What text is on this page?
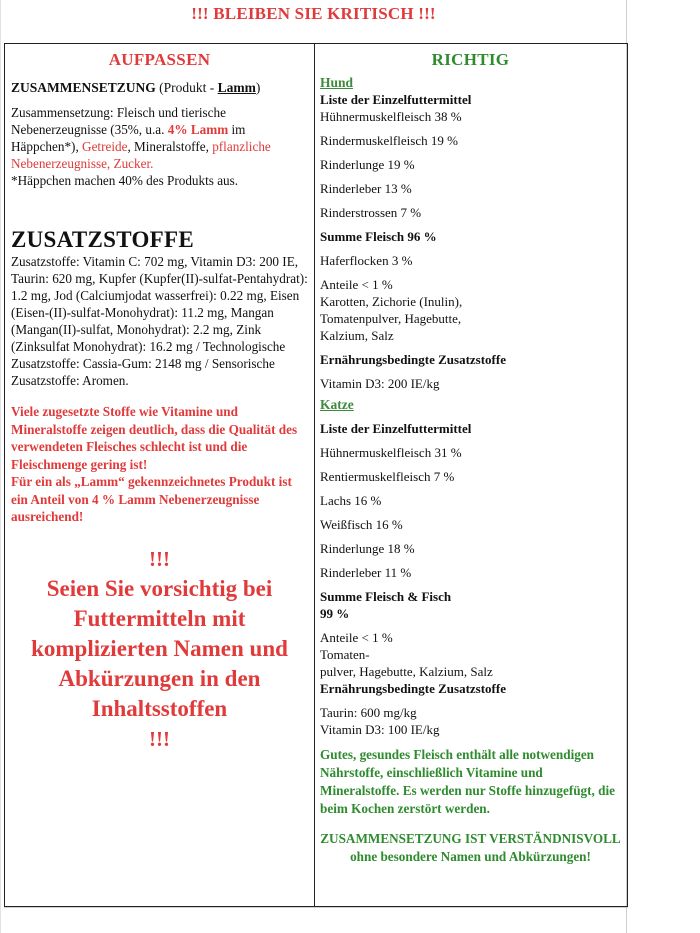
!!! BLEIBEN SIE KRITISCH !!!
AUFPASSEN

ZUSAMMENSETZUNG (Produkt - Lamm)

Zusammensetzung: Fleisch und tierische Nebenerzeugnisse (35%, u.a. 4% Lamm im Häppchen*), Getreide, Mineralstoffe, pflanzliche Nebenerzeugnisse, Zucker.

*Häppchen machen 40% des Produkts aus.

ZUSATZSTOFFE

Zusatzstoffe: Vitamin C: 702 mg, Vitamin D3: 200 IE, Taurin: 620 mg, Kupfer (Kupfer(II)-sulfat-Pentahydrat): 1.2 mg, Jod (Calciumjodat wasserfrei): 0.22 mg, Eisen (Eisen-(II)-sulfat-Monohydrat): 11.2 mg, Mangan (Mangan(II)-sulfat, Monohydrat): 2.2 mg, Zink (Zinksulfat Monohydrat): 16.2 mg / Technologische Zusatzstoffe: Cassia-Gum: 2148 mg / Sensorische Zusatzstoffe: Aromen.

Viele zugesetzte Stoffe wie Vitamine und Mineralstoffe zeigen deutlich, dass die Qualität des verwendeten Fleisches schlecht ist und die Fleischmenge gering ist!

Für ein als „Lamm“ gekennzeichnetes Produkt ist ein Anteil von 4 % Lamm Nebenerzeugnisse ausreichend!

!!!
Seien Sie vorsichtig bei Futtermitteln mit komplizierten Namen und Abkürzungen in den Inhaltsstoffen
!!!
RICHTIG

Hund

Liste der Einzelfuttermittel

Hühnermuskelfleisch 38 %

Rindermuskelfleisch 19 %

Rinderlunge 19 %

Rinderleber 13 %

Rinderstrossen 7 %

Summe Fleisch 96 %

Haferflocken 3 %

Anteile < 1 %

Karotten, Zichorie (Inulin),

Tomatenpulver, Hagebutte,

Kalzium, Salz

Ernährungsbedingte Zusatzstoffe

Vitamin D3: 200 IE/kg

Katze

Liste der Einzelfuttermittel

Hühnermuskelfleisch 31 %

Rentiermuskelfleisch 7 %

Lachs 16 %

Weißfisch 16 %

Rinderlunge 18 %

Rinderleber 11 %

Summe Fleisch & Fisch

99 %

Anteile < 1 %

Tomaten-

pulver, Hagebutte, Kalzium, Salz

Ernährungsbedingte Zusatzstoffe

Taurin: 600 mg/kg

Vitamin D3: 100 IE/kg

Gutes, gesundes Fleisch enthält alle notwendigen Nährstoffe, einschließlich Vitamine und Mineralstoffe. Es werden nur Stoffe hinzugefügt, die beim Kochen zerstört werden.

ZUSAMMENSETZUNG IST VERSTÄNDNISVOLL ohne besondere Namen und Abkürzungen!
